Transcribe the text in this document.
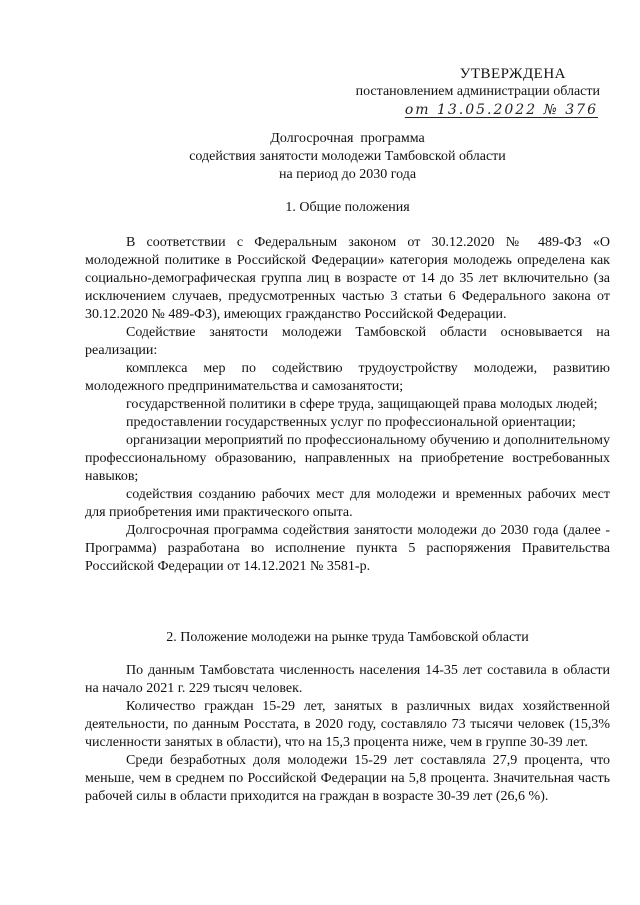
УТВЕРЖДЕНА
постановлением администрации области
от 13.05.2022 № 376
Долгосрочная  программа
содействия занятости молодежи Тамбовской области
на период до 2030 года
1. Общие положения

В соответствии с Федеральным законом от 30.12.2020 № 489-ФЗ «О молодежной политике в Российской Федерации» категория молодежь определена как социально-демографическая группа лиц в возрасте от 14 до 35 лет включительно (за исключением случаев, предусмотренных частью 3 статьи 6 Федерального закона от 30.12.2020 № 489-ФЗ), имеющих гражданство Российской Федерации.

Содействие занятости молодежи Тамбовской области основывается на реализации:

комплекса мер по содействию трудоустройству молодежи, развитию молодежного предпринимательства и самозанятости;

государственной политики в сфере труда, защищающей права молодых людей;

предоставлении государственных услуг по профессиональной ориентации;

организации мероприятий по профессиональному обучению и дополнительному профессиональному образованию, направленных на приобретение востребованных навыков;

содействия созданию рабочих мест для молодежи и временных рабочих мест для приобретения ими практического опыта.

Долгосрочная программа содействия занятости молодежи до 2030 года (далее - Программа) разработана во исполнение пункта 5 распоряжения Правительства Российской Федерации от 14.12.2021 № 3581-р.

2. Положение молодежи на рынке труда Тамбовской области

По данным Тамбовстата численность населения 14-35 лет составила в области на начало 2021 г. 229 тысяч человек.

Количество граждан 15-29 лет, занятых в различных видах хозяйственной деятельности, по данным Росстата, в 2020 году, составляло 73 тысячи человек (15,3% численности занятых в области), что на 15,3 процента ниже, чем в группе 30-39 лет.

Среди безработных доля молодежи 15-29 лет составляла 27,9 процента, что меньше, чем в среднем по Российской Федерации на 5,8 процента. Значительная часть рабочей силы в области приходится на граждан в возрасте 30-39 лет (26,6 %).
